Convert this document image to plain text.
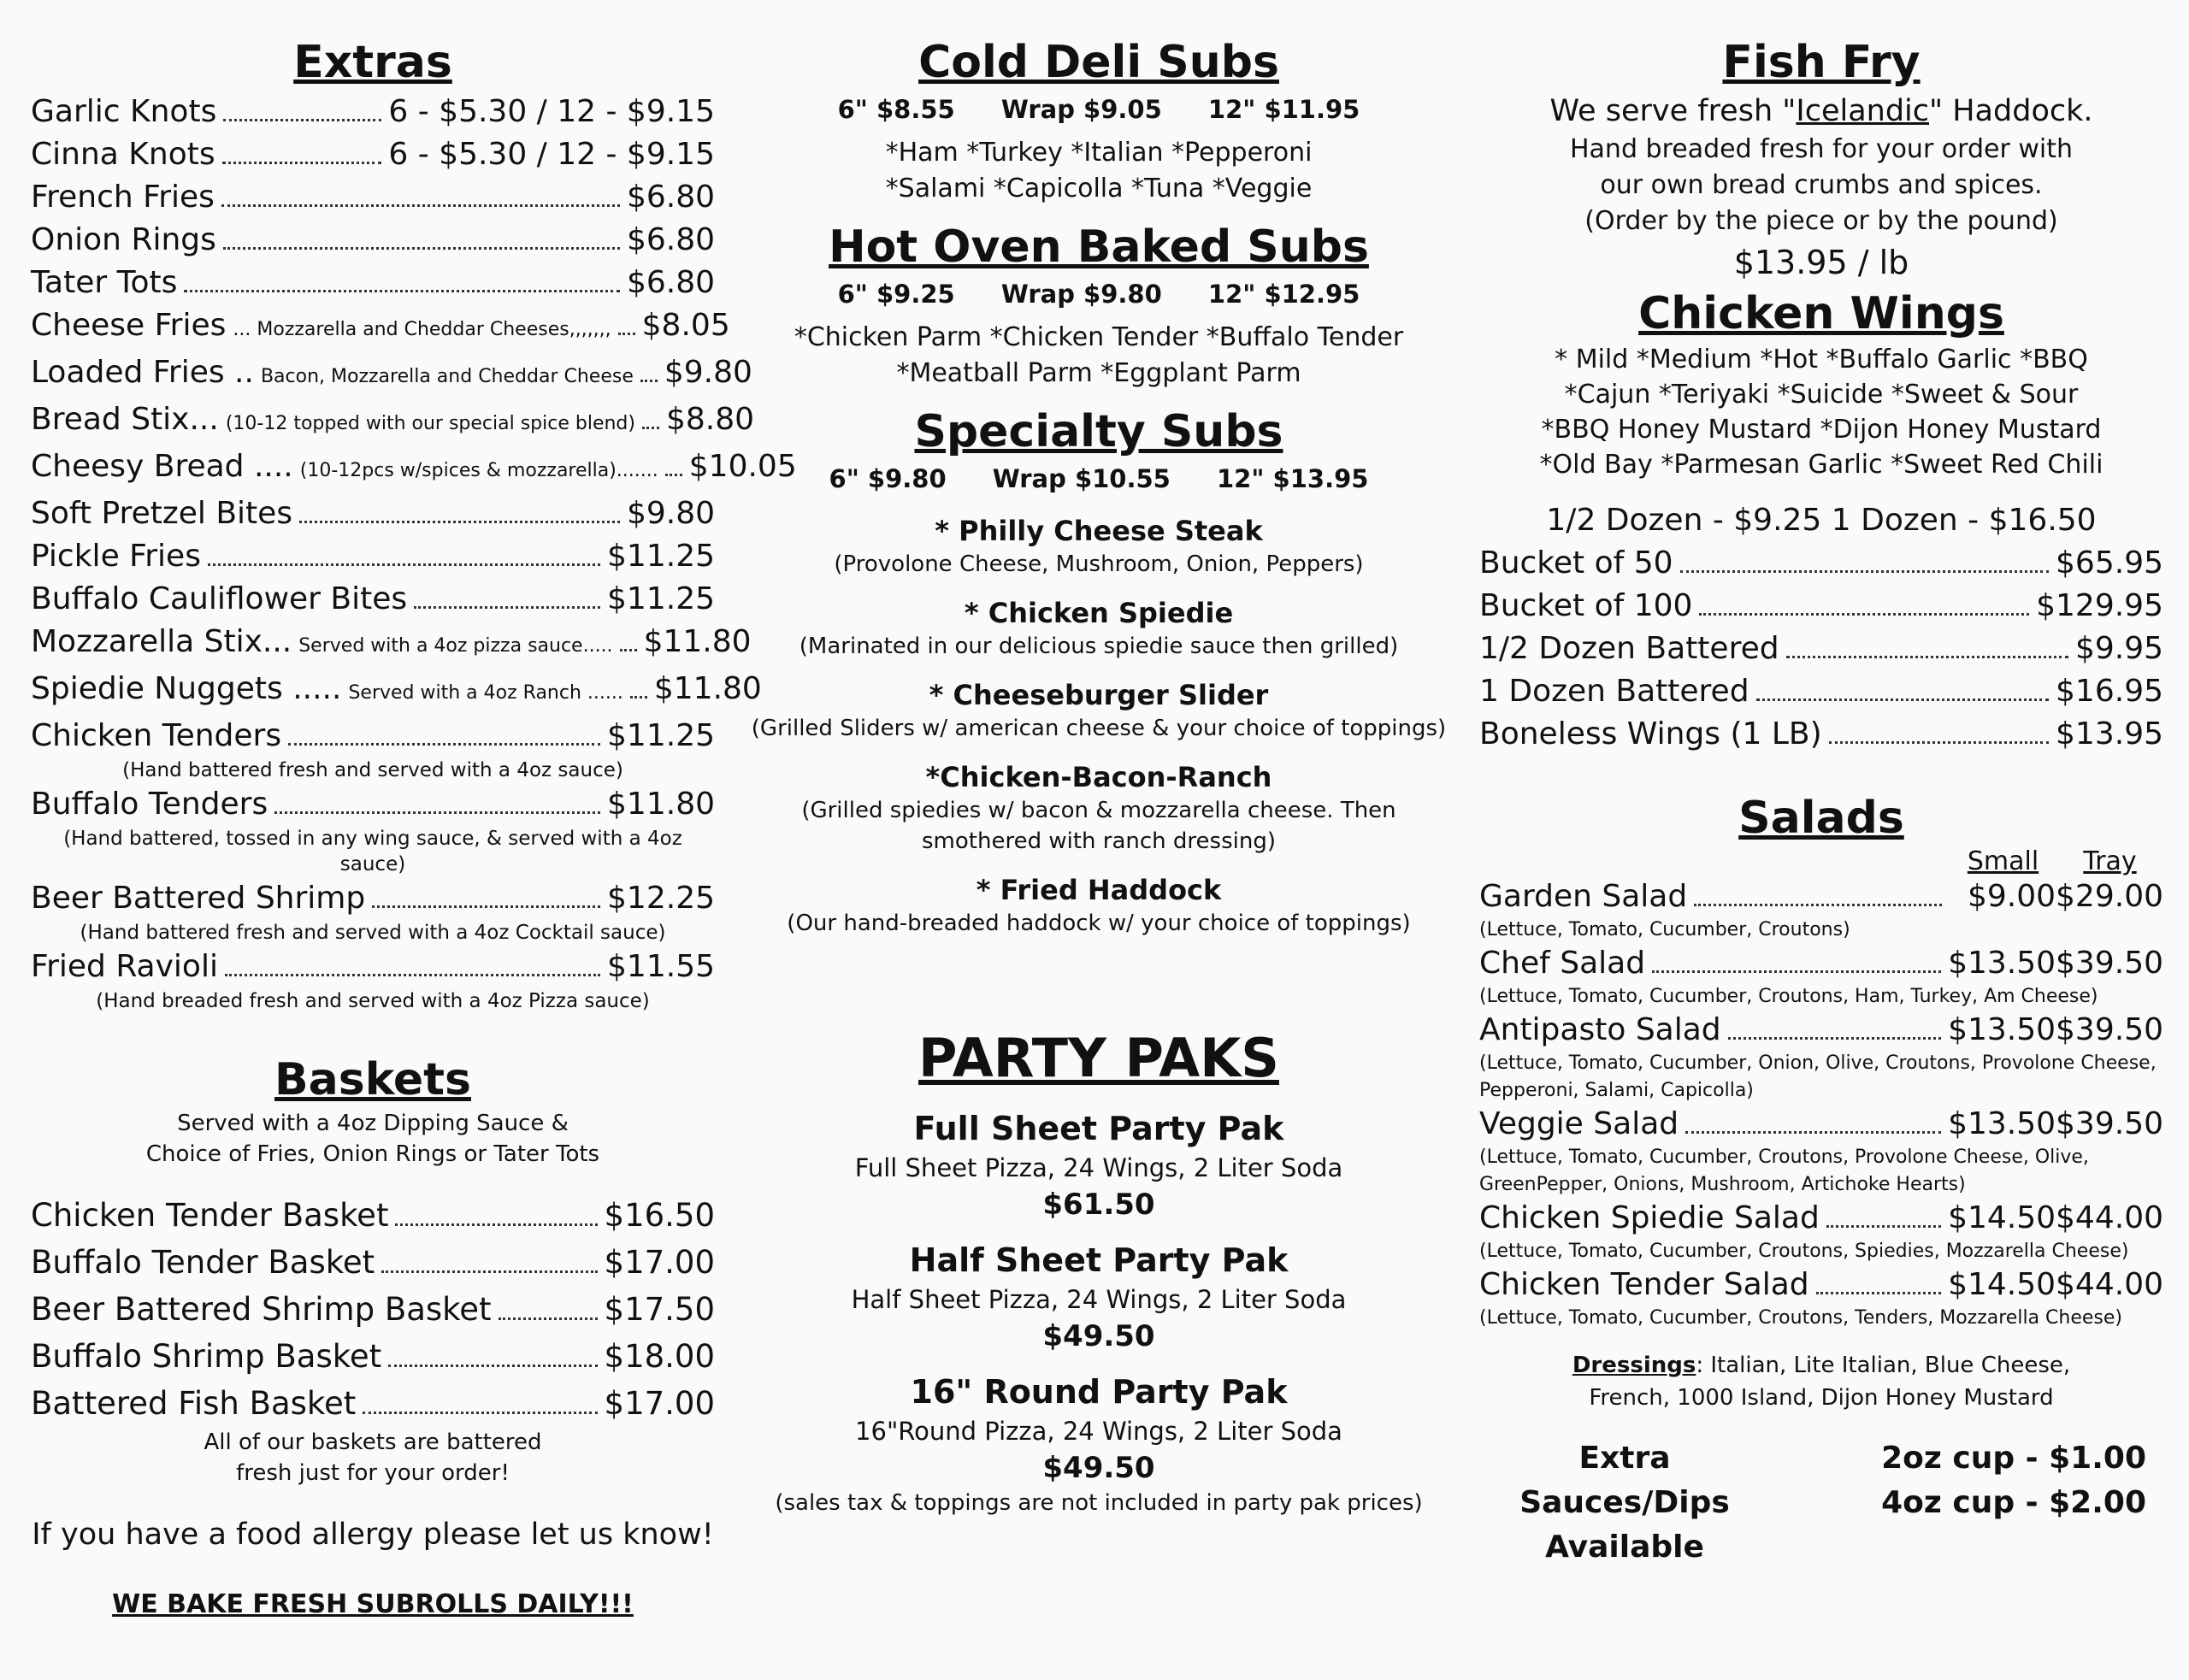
Extras
Garlic Knots	6 - $5.30 / 12 - $9.15
Cinna Knots	6 - $5.30 / 12 - $9.15
French Fries	$6.80
Onion Rings	$6.80
Tater Tots	$6.80
Cheese Fries ... Mozzarella and Cheddar Cheeses,,,,,,, $8.05
Loaded Fries .. Bacon, Mozzarella and Cheddar Cheese $9.80
Bread Stix... (10-12 topped with our special spice blend) $8.80
Cheesy Bread .... (10-12pcs w/spices & mozzarella)....... $10.05
Soft Pretzel Bites	$9.80
Pickle Fries	$11.25
Buffalo Cauliflower Bites	$11.25
Mozzarella Stix... Served with a 4oz pizza sauce..... $11.80
Spiedie Nuggets ..... Served with a 4oz Ranch ...... $11.80
Chicken Tenders	$11.25
(Hand battered fresh and served with a 4oz sauce)
Buffalo Tenders	$11.80
(Hand battered, tossed in any wing sauce, & served with a 4oz sauce)
Beer Battered Shrimp	$12.25
(Hand battered fresh and served with a 4oz Cocktail sauce)
Fried Ravioli	$11.55
(Hand breaded fresh and served with a 4oz Pizza sauce)
Baskets
Served with a 4oz Dipping Sauce &
Choice of Fries, Onion Rings or Tater Tots
Chicken Tender Basket	$16.50
Buffalo Tender Basket	$17.00
Beer Battered Shrimp Basket	$17.50
Buffalo Shrimp Basket	$18.00
Battered Fish Basket	$17.00
All of our baskets are battered
fresh just for your order!
If you have a food allergy please let us know!
WE BAKE FRESH SUBROLLS DAILY!!!
Cold Deli Subs
6" $8.55 Wrap $9.05 12" $11.95
*Ham *Turkey *Italian *Pepperoni
*Salami *Capicolla *Tuna *Veggie
Hot Oven Baked Subs
6" $9.25 Wrap $9.80 12" $12.95
*Chicken Parm *Chicken Tender *Buffalo Tender
*Meatball Parm *Eggplant Parm
Specialty Subs
6" $9.80 Wrap $10.55 12" $13.95
* Philly Cheese Steak
(Provolone Cheese, Mushroom, Onion, Peppers)
* Chicken Spiedie
(Marinated in our delicious spiedie sauce then grilled)
* Cheeseburger Slider
(Grilled Sliders w/ american cheese & your choice of toppings)
*Chicken-Bacon-Ranch
(Grilled spiedies w/ bacon & mozzarella cheese. Then smothered with ranch dressing)
* Fried Haddock
(Our hand-breaded haddock w/ your choice of toppings)
PARTY PAKS
Full Sheet Party Pak
Full Sheet Pizza, 24 Wings, 2 Liter Soda
$61.50
Half Sheet Party Pak
Half Sheet Pizza, 24 Wings, 2 Liter Soda
$49.50
16" Round Party Pak
16"Round Pizza, 24 Wings, 2 Liter Soda
$49.50
(sales tax & toppings are not included in party pak prices)
Fish Fry
We serve fresh "Icelandic" Haddock.
Hand breaded fresh for your order with
our own bread crumbs and spices.
(Order by the piece or by the pound)
$13.95 / lb
Chicken Wings
* Mild *Medium *Hot *Buffalo Garlic *BBQ
*Cajun *Teriyaki *Suicide *Sweet & Sour
*BBQ Honey Mustard *Dijon Honey Mustard
*Old Bay *Parmesan Garlic *Sweet Red Chili
1/2 Dozen - $9.25 1 Dozen - $16.50
Bucket of 50	$65.95
Bucket of 100	$129.95
1/2 Dozen Battered	$9.95
1 Dozen Battered	$16.95
Boneless Wings (1 LB)	$13.95
Salads
Small	Tray
Garden Salad	$9.00 $29.00
(Lettuce, Tomato, Cucumber, Croutons)
Chef Salad	$13.50 $39.50
(Lettuce, Tomato, Cucumber, Croutons, Ham, Turkey, Am Cheese)
Antipasto Salad	$13.50 $39.50
(Lettuce, Tomato, Cucumber, Onion, Olive, Croutons, Provolone Cheese, Pepperoni, Salami, Capicolla)
Veggie Salad	$13.50 $39.50
(Lettuce, Tomato, Cucumber, Croutons, Provolone Cheese, Olive, GreenPepper, Onions, Mushroom, Artichoke Hearts)
Chicken Spiedie Salad	$14.50 $44.00
(Lettuce, Tomato, Cucumber, Croutons, Spiedies, Mozzarella Cheese)
Chicken Tender Salad	$14.50 $44.00
(Lettuce, Tomato, Cucumber, Croutons, Tenders, Mozzarella Cheese)
Dressings: Italian, Lite Italian, Blue Cheese,
French, 1000 Island, Dijon Honey Mustard
Extra Sauces/Dips
Available
2oz cup - $1.00
4oz cup - $2.00
